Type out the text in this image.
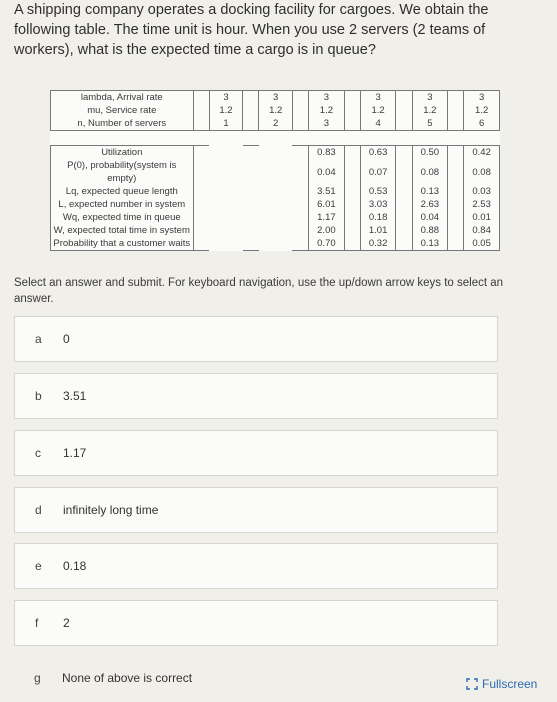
A shipping company operates a docking facility for cargoes. We obtain the following table. The time unit is hour. When you use 2 servers (2 teams of workers), what is the expected time a cargo is in queue?
lambda, Arrival rate		3		3		3		3		3		3
mu, Service rate		1.2		1.2		1.2		1.2		1.2		1.2
n, Number of servers		1		2		3		4		5		6

Utilization						0.83		0.63		0.50		0.42
P(0), probability(system is empty)						0.04		0.07		0.08		0.08
Lq, expected queue length						3.51		0.53		0.13		0.03
L, expected number in system						6.01		3.03		2.63		2.53
Wq, expected time in queue						1.17		0.18		0.04		0.01
W, expected total time in system						2.00		1.01		0.88		0.84
Probability that a customer waits						0.70		0.32		0.13		0.05
Select an answer and submit. For keyboard navigation, use the up/down arrow keys to select an answer.
a 0
b 3.51
c 1.17
d infinitely long time
e 0.18
f 2
g None of above is correct	Fullscreen
